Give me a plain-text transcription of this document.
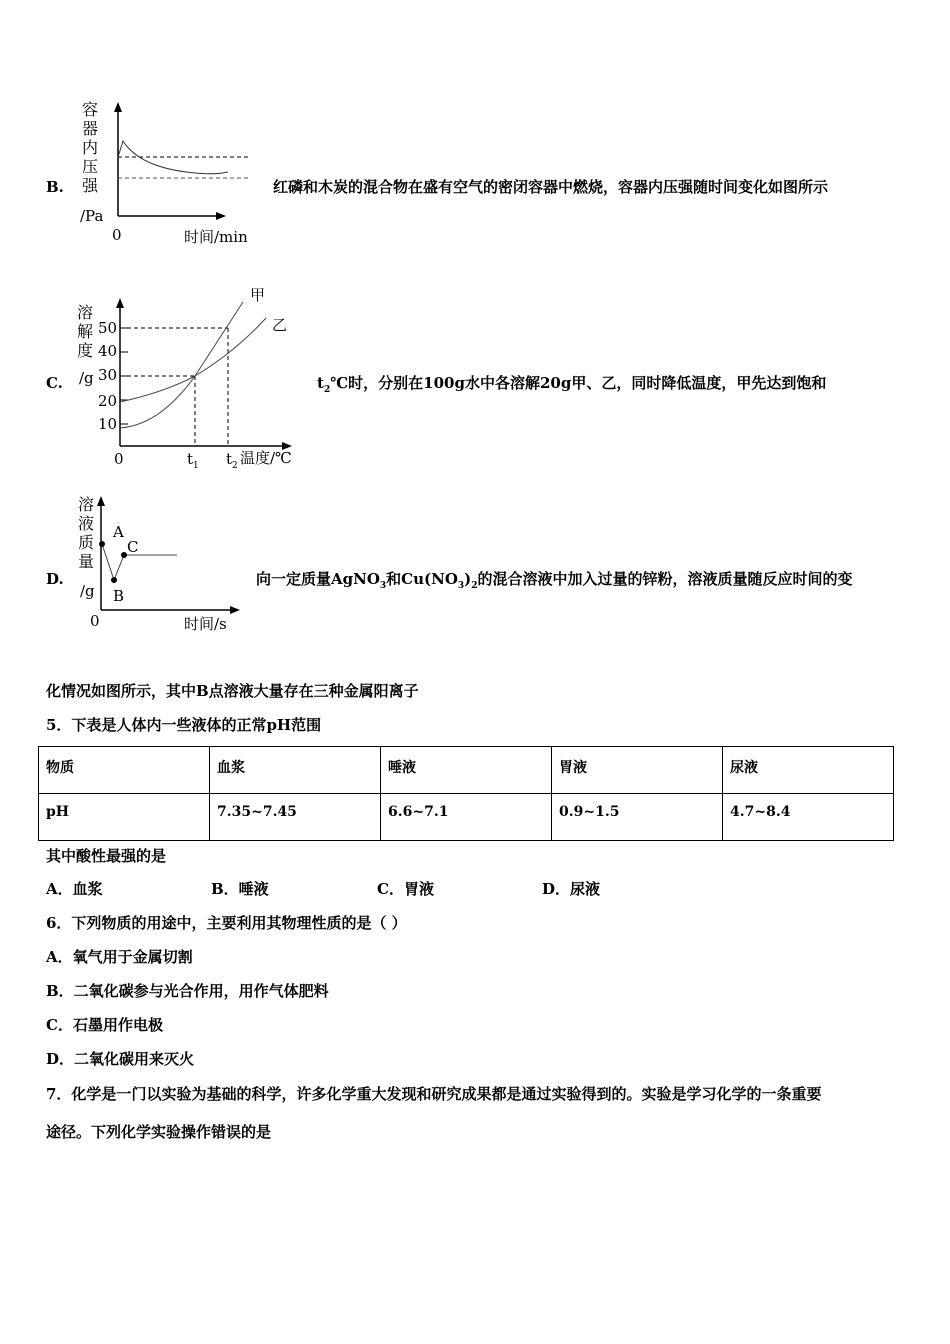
B.
容器内压强
/Pa
0	时间/min
红磷和木炭的混合物在盛有空气的密闭容器中燃烧，容器内压强随时间变化如图所示
C.
溶解度
/g
50
40
30
20
10
0	$t_1$ $t_2$ 温度/℃
甲
乙
$t_2℃$时，分别在100g水中各溶解20g甲、乙，同时降低温度，甲先达到饱和
D.
溶液质量
/g
0	时间/s
A
B
C
向一定质量AgNO$_3$和$Cu(NO_3)_2$的混合溶液中加入过量的锌粉，溶液质量随反应时间的变
化情况如图所示，其中B点溶液大量存在三种金属阳离子
5．下表是人体内一些液体的正常pH范围
物质	血浆	唾液	胃液	尿液
pH	7.35~7.45	6.6~7.1	0.9~1.5	4.7~8.4
其中酸性最强的是
A．血浆	B．唾液	C．胃液	D．尿液
6．下列物质的用途中，主要利用其物理性质的是（ ）
A．氧气用于金属切割
B．二氧化碳参与光合作用，用作气体肥料
C．石墨用作电极
D．二氧化碳用来灭火
7．化学是一门以实验为基础的科学，许多化学重大发现和研究成果都是通过实验得到的。实验是学习化学的一条重要
途径。下列化学实验操作错误的是
